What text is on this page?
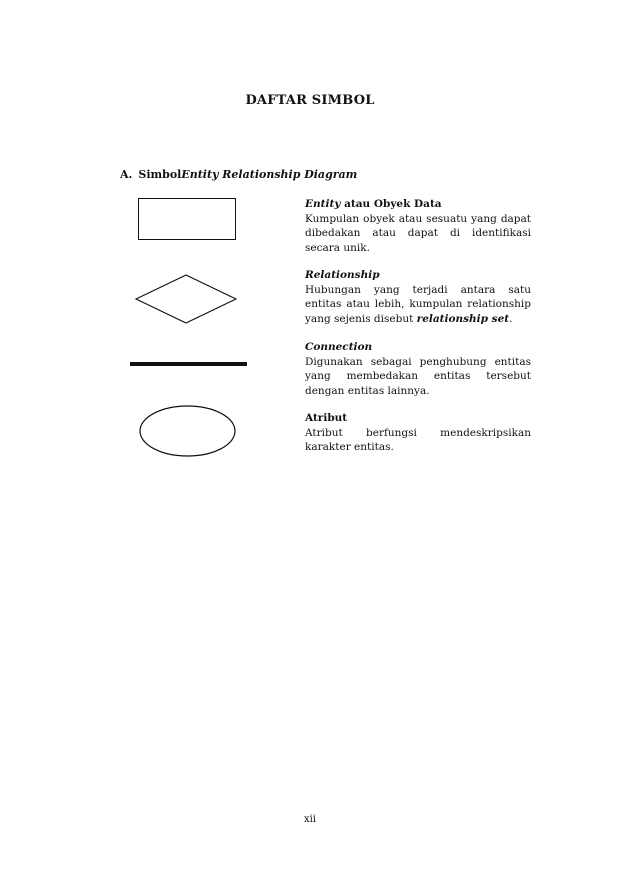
DAFTAR SIMBOL
A. SimbolEntity Relationship Diagram
Entity atau Obyek Data
Kumpulan obyek atau sesuatu yang dapat dibedakan atau dapat di identifikasi secara unik.
Relationship
Hubungan yang terjadi antara satu entitas atau lebih, kumpulan relationship yang sejenis disebut relationship set.
Connection
Digunakan sebagai penghubung entitas yang membedakan entitas tersebut dengan entitas lainnya.
Atribut
Atribut berfungsi mendeskripsikan karakter entitas.
xii
